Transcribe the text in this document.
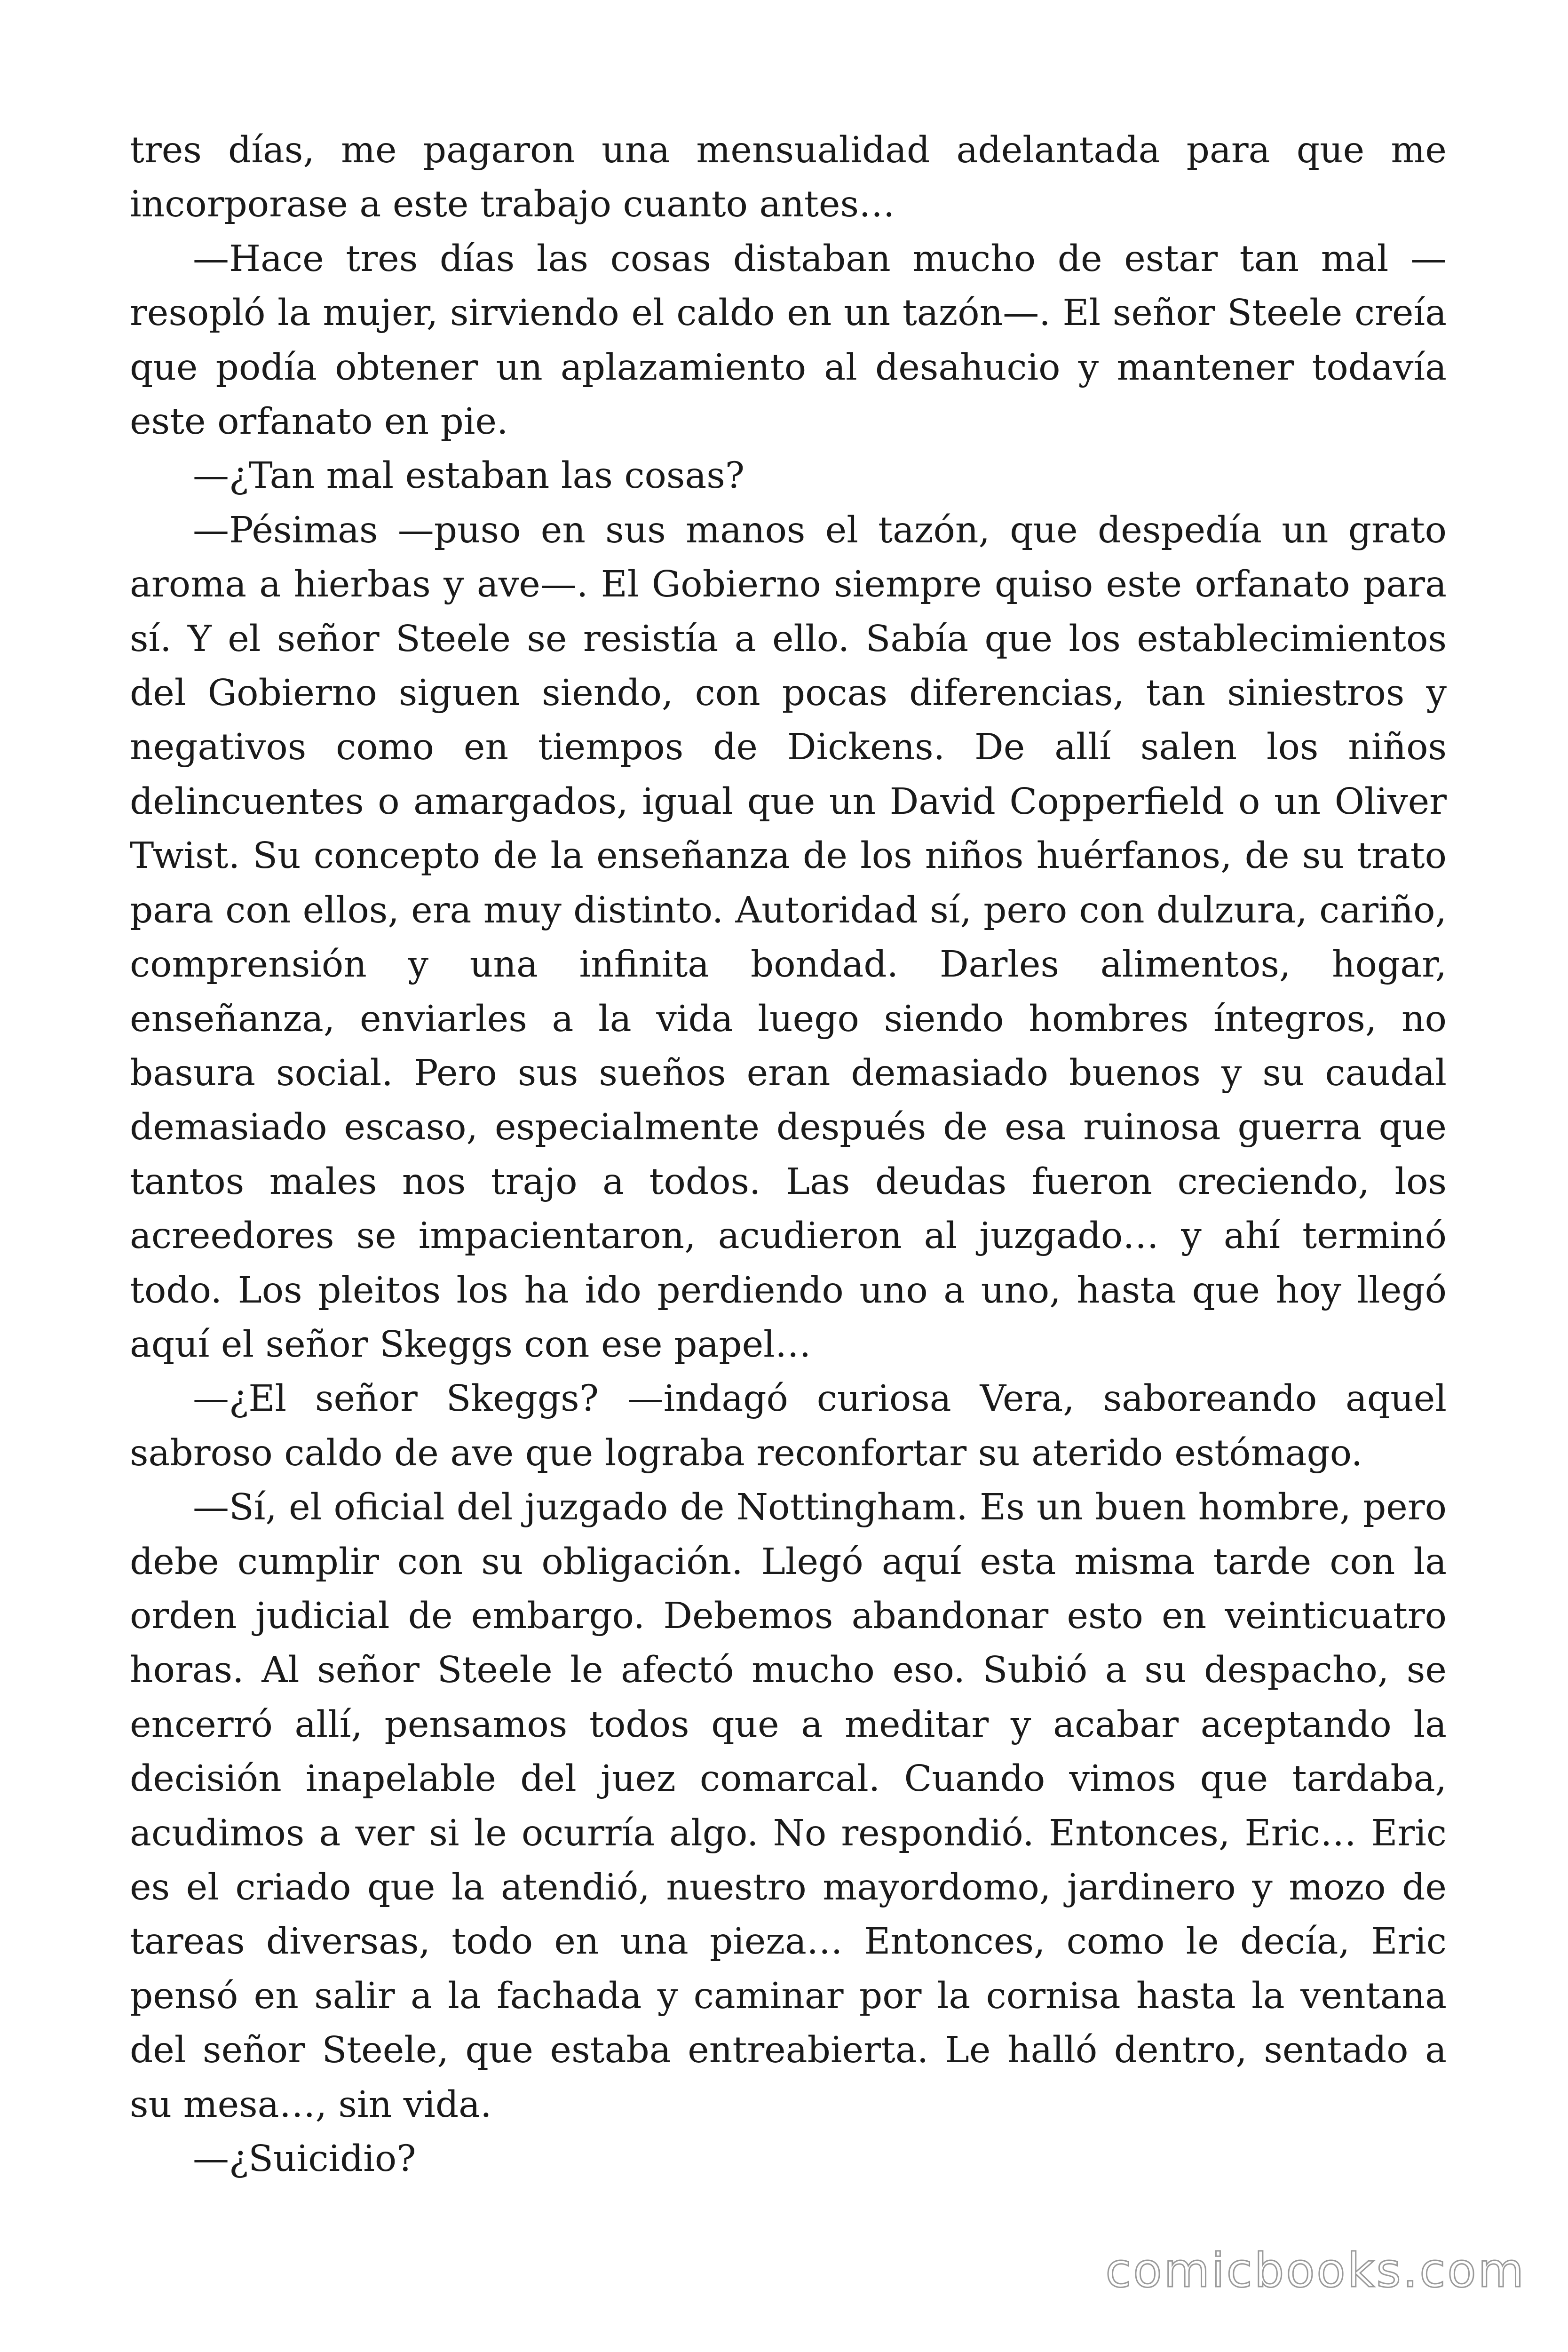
tres días, me pagaron una mensualidad adelantada para que me incorporase a este trabajo cuanto antes…

—Hace tres días las cosas distaban mucho de estar tan mal —resopló la mujer, sirviendo el caldo en un tazón—. El señor Steele creía que podía obtener un aplazamiento al desahucio y mantener todavía este orfanato en pie.

—¿Tan mal estaban las cosas?

—Pésimas —puso en sus manos el tazón, que despedía un grato aroma a hierbas y ave—. El Gobierno siempre quiso este orfanato para sí. Y el señor Steele se resistía a ello. Sabía que los establecimientos del Gobierno siguen siendo, con pocas diferencias, tan siniestros y negativos como en tiempos de Dickens. De allí salen los niños delincuentes o amargados, igual que un David Copperfield o un Oliver Twist. Su concepto de la enseñanza de los niños huérfanos, de su trato para con ellos, era muy distinto. Autoridad sí, pero con dulzura, cariño, comprensión y una infinita bondad. Darles alimentos, hogar, enseñanza, enviarles a la vida luego siendo hombres íntegros, no basura social. Pero sus sueños eran demasiado buenos y su caudal demasiado escaso, especialmente después de esa ruinosa guerra que tantos males nos trajo a todos. Las deudas fueron creciendo, los acreedores se impacientaron, acudieron al juzgado… y ahí terminó todo. Los pleitos los ha ido perdiendo uno a uno, hasta que hoy llegó aquí el señor Skeggs con ese papel…

—¿El señor Skeggs? —indagó curiosa Vera, saboreando aquel sabroso caldo de ave que lograba reconfortar su aterido estómago.

—Sí, el oficial del juzgado de Nottingham. Es un buen hombre, pero debe cumplir con su obligación. Llegó aquí esta misma tarde con la orden judicial de embargo. Debemos abandonar esto en veinticuatro horas. Al señor Steele le afectó mucho eso. Subió a su despacho, se encerró allí, pensamos todos que a meditar y acabar aceptando la decisión inapelable del juez comarcal. Cuando vimos que tardaba, acudimos a ver si le ocurría algo. No respondió. Entonces, Eric… Eric es el criado que la atendió, nuestro mayordomo, jardinero y mozo de tareas diversas, todo en una pieza… Entonces, como le decía, Eric pensó en salir a la fachada y caminar por la cornisa hasta la ventana del señor Steele, que estaba entreabierta. Le halló dentro, sentado a su mesa…, sin vida.

—¿Suicidio?

comicbooks.com
